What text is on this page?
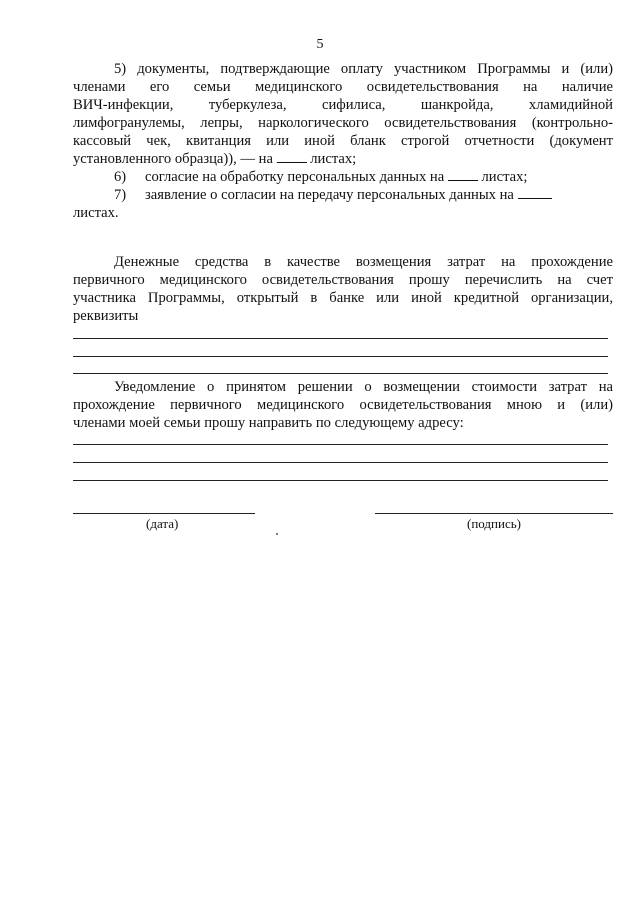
5
5) документы, подтверждающие оплату участником Программы и (или)
членами его семьи медицинского освидетельствования на наличие
ВИЧ-инфекции, туберкулеза, сифилиса, шанкройда, хламидийной
лимфогранулемы, лепры, наркологического освидетельствования (контрольно-
кассовый чек, квитанция или иной бланк строгой отчетности (документ
установленного образца)), — на	листах;
6) согласие на обработку персональных данных на	листах;
7) заявление о согласии на передачу персональных данных на
листах.
Денежные средства в качестве возмещения затрат на прохождение
первичного медицинского освидетельствования прошу перечислить на счет
участника Программы, открытый в банке или иной кредитной организации,
реквизиты
Уведомление о принятом решении о возмещении стоимости затрат на
прохождение первичного медицинского освидетельствования мною и (или)
членами моей семьи прошу направить по следующему адресу:
(дата)	(подпись)
